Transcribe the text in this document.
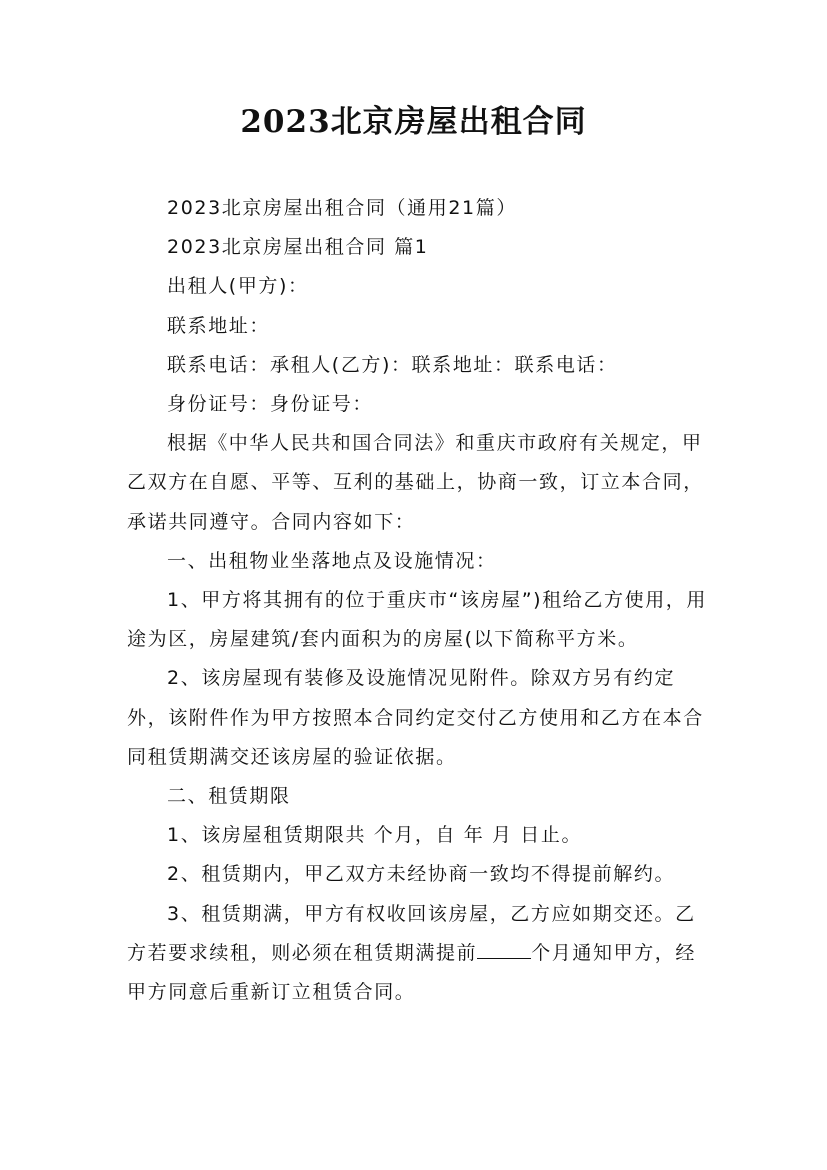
2023北京房屋出租合同

2023北京房屋出租合同（通用21篇）

2023北京房屋出租合同 篇1

出租人(甲方)：

联系地址：

联系电话：承租人(乙方)：联系地址：联系电话：

身份证号：身份证号：

根据《中华人民共和国合同法》和重庆市政府有关规定，甲乙双方在自愿、平等、互利的基础上，协商一致，订立本合同，承诺共同遵守。合同内容如下：

一、出租物业坐落地点及设施情况：

1、甲方将其拥有的位于重庆市“该房屋”)租给乙方使用，用途为区，房屋建筑/套内面积为的房屋(以下简称平方米。

2、该房屋现有装修及设施情况见附件。除双方另有约定外，该附件作为甲方按照本合同约定交付乙方使用和乙方在本合同租赁期满交还该房屋的验证依据。

二、租赁期限

1、该房屋租赁期限共 个月，自 年 月 日止。

2、租赁期内，甲乙双方未经协商一致均不得提前解约。

3、租赁期满，甲方有权收回该房屋，乙方应如期交还。乙方若要求续租，则必须在租赁期满提前	个月通知甲方，经甲方同意后重新订立租赁合同。
